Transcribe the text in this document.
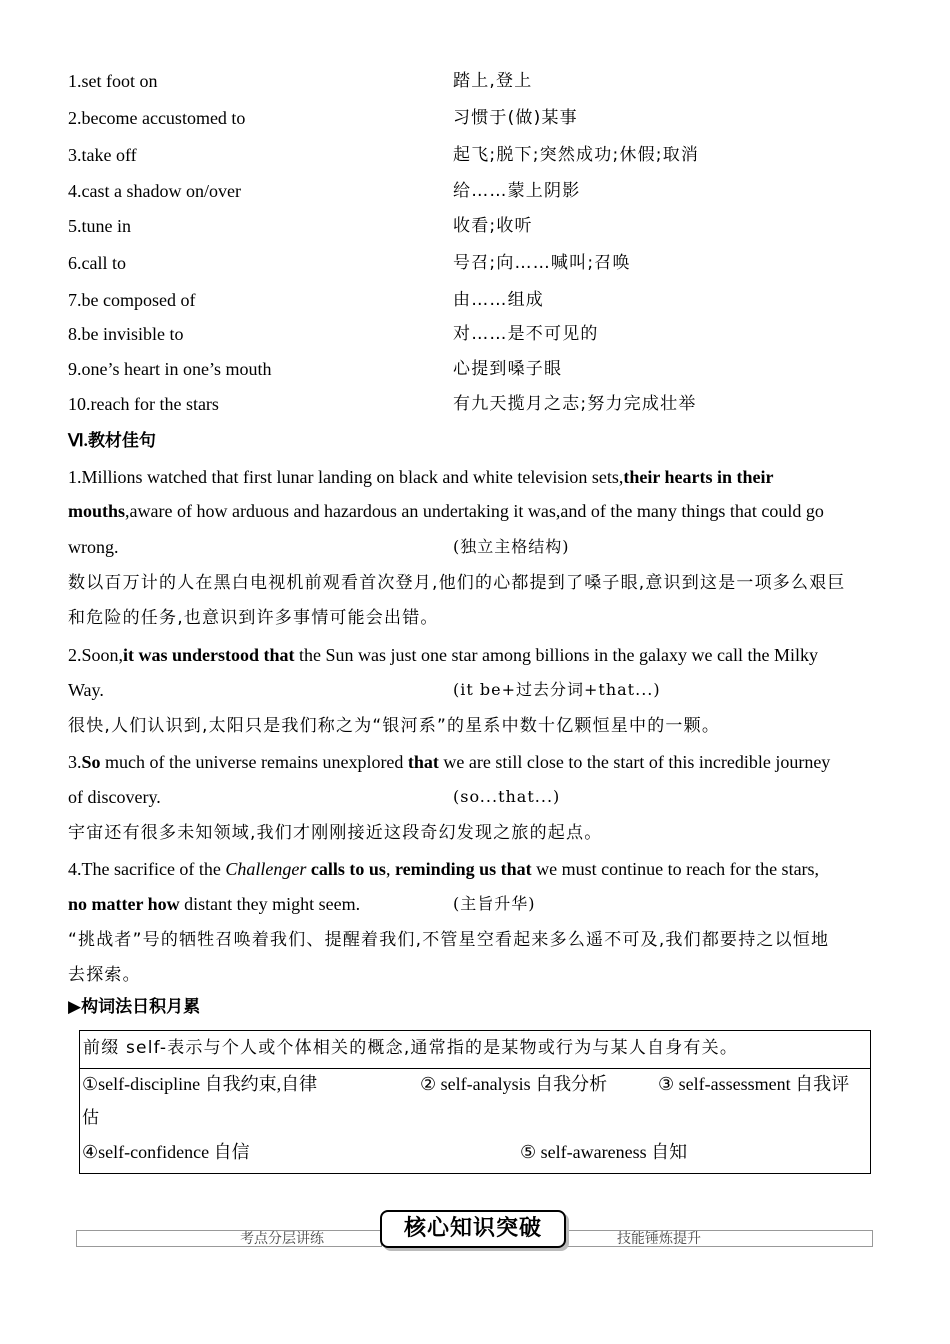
1.set foot on	踏上,登上
2.become accustomed to	习惯于(做)某事
3.take off	起飞;脱下;突然成功;休假;取消
4.cast a shadow on/over	给……蒙上阴影
5.tune in	收看;收听
6.call to	号召;向……喊叫;召唤
7.be composed of	由……组成
8.be invisible to	对……是不可见的
9.one’s heart in one’s mouth	心提到嗓子眼
10.reach for the stars	有九天揽月之志;努力完成壮举
Ⅵ.教材佳句
1.Millions watched that first lunar landing on black and white television sets,their hearts in their
mouths,aware of how arduous and hazardous an undertaking it was,and of the many things that could go
wrong.	(独立主格结构)
数以百万计的人在黑白电视机前观看首次登月,他们的心都提到了嗓子眼,意识到这是一项多么艰巨
和危险的任务,也意识到许多事情可能会出错。
2.Soon,it was understood that the Sun was just one star among billions in the galaxy we call the Milky
Way.	(it be+过去分词+that...)
很快,人们认识到,太阳只是我们称之为“银河系”的星系中数十亿颗恒星中的一颗。
3.So much of the universe remains unexplored that we are still close to the start of this incredible journey
of discovery.	(so...that...)
宇宙还有很多未知领域,我们才刚刚接近这段奇幻发现之旅的起点。
4.The sacrifice of the Challenger calls to us, reminding us that we must continue to reach for the stars,
no matter how distant they might seem.	(主旨升华)
“挑战者”号的牺牲召唤着我们、提醒着我们,不管星空看起来多么遥不可及,我们都要持之以恒地
去探索。
▶构词法日积月累
前缀 self-表示与个人或个体相关的概念,通常指的是某物或行为与某人自身有关。
①self-discipline 自我约束,自律	② self-analysis 自我分析	③ self-assessment 自我评
估
④self-confidence 自信	⑤ self-awareness 自知
考点分层讲练	技能锤炼提升
核心知识突破
